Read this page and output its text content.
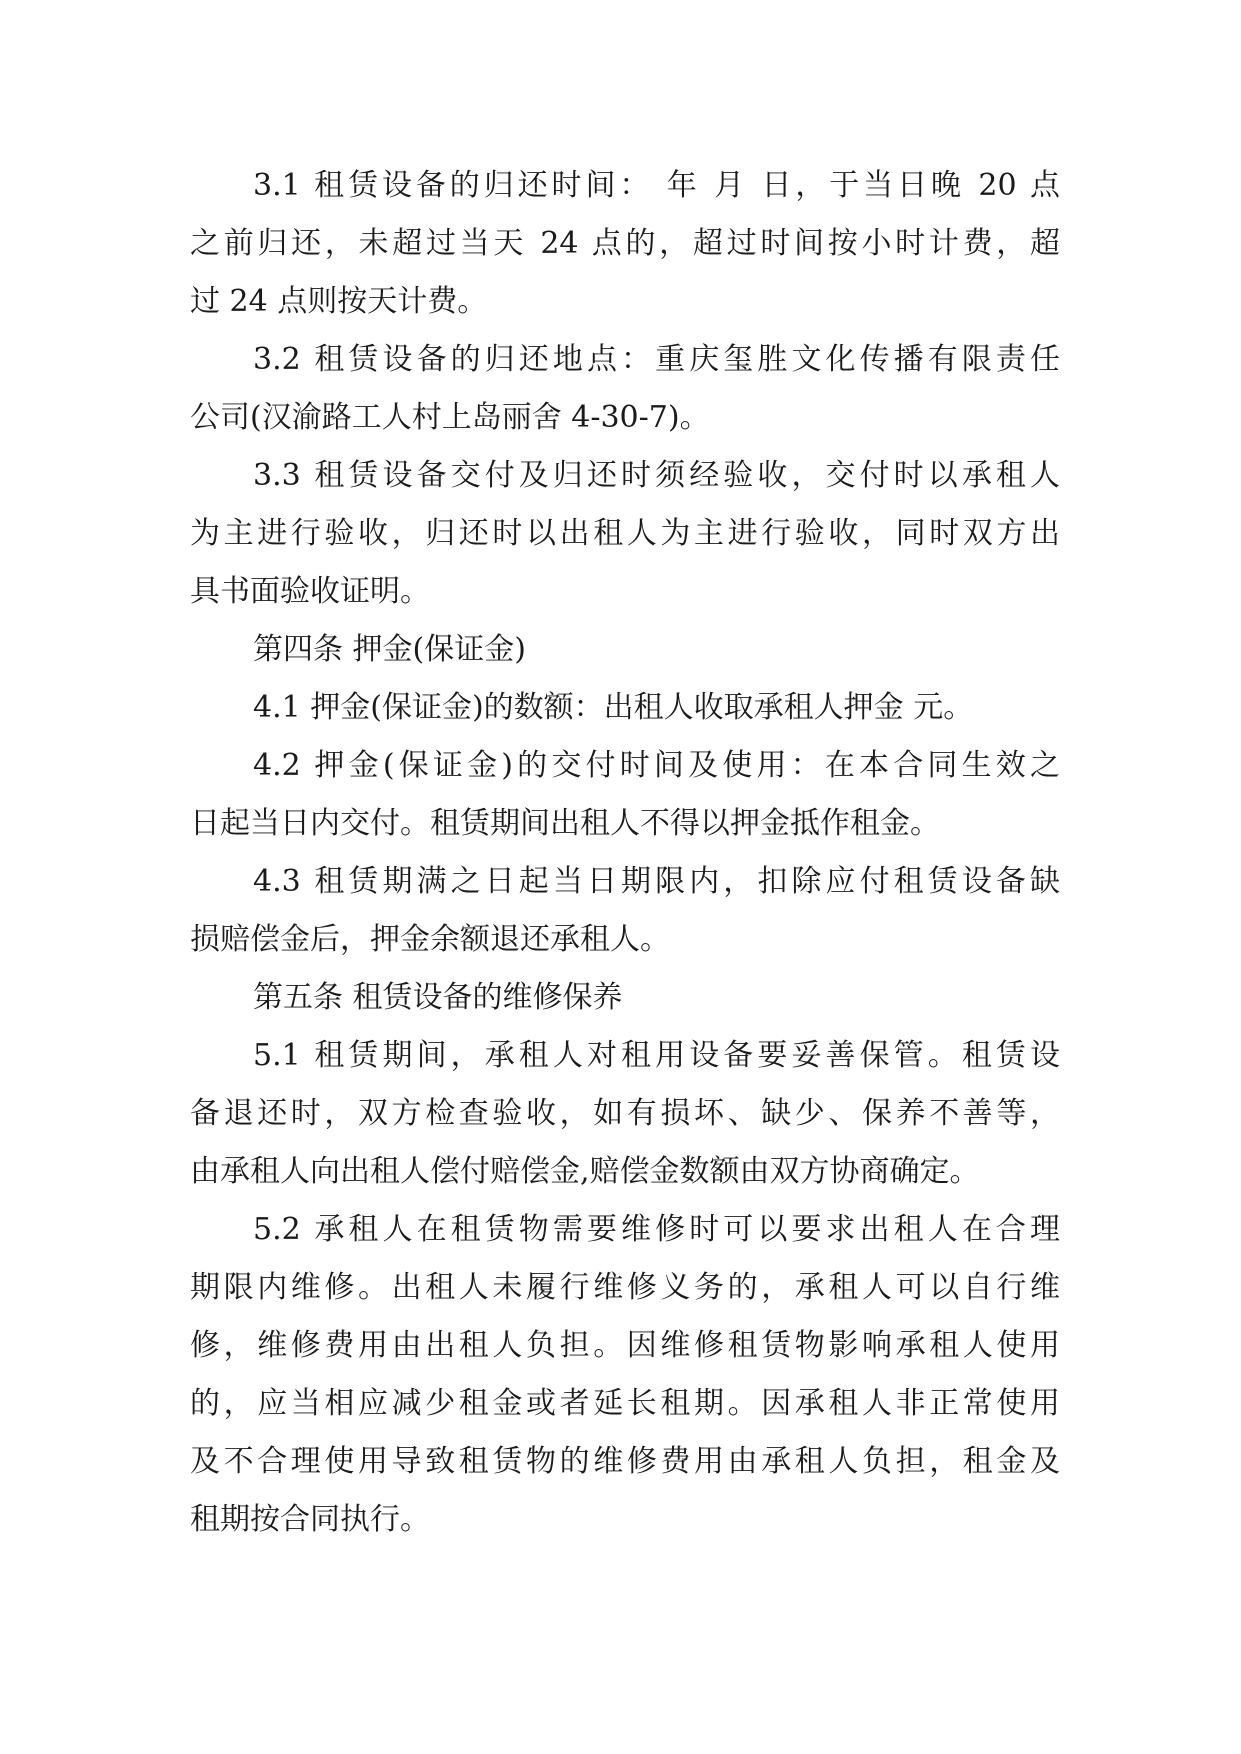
3.1 租赁设备的归还时间： 年 月 日，于当日晚 20 点
之前归还，未超过当天 24 点的，超过时间按小时计费，超
过 24 点则按天计费。
3.2 租赁设备的归还地点：重庆玺胜文化传播有限责任
公司(汉渝路工人村上岛丽舍 4-30-7)。
3.3 租赁设备交付及归还时须经验收，交付时以承租人
为主进行验收，归还时以出租人为主进行验收，同时双方出
具书面验收证明。
第四条 押金(保证金)
4.1 押金(保证金)的数额：出租人收取承租人押金 元。
4.2 押金(保证金)的交付时间及使用：在本合同生效之
日起当日内交付。租赁期间出租人不得以押金抵作租金。
4.3 租赁期满之日起当日期限内，扣除应付租赁设备缺
损赔偿金后，押金余额退还承租人。
第五条 租赁设备的维修保养
5.1 租赁期间，承租人对租用设备要妥善保管。租赁设
备退还时，双方检查验收，如有损坏、缺少、保养不善等，
由承租人向出租人偿付赔偿金,赔偿金数额由双方协商确定。
5.2 承租人在租赁物需要维修时可以要求出租人在合理
期限内维修。出租人未履行维修义务的，承租人可以自行维
修，维修费用由出租人负担。因维修租赁物影响承租人使用
的，应当相应减少租金或者延长租期。因承租人非正常使用
及不合理使用导致租赁物的维修费用由承租人负担，租金及
租期按合同执行。
